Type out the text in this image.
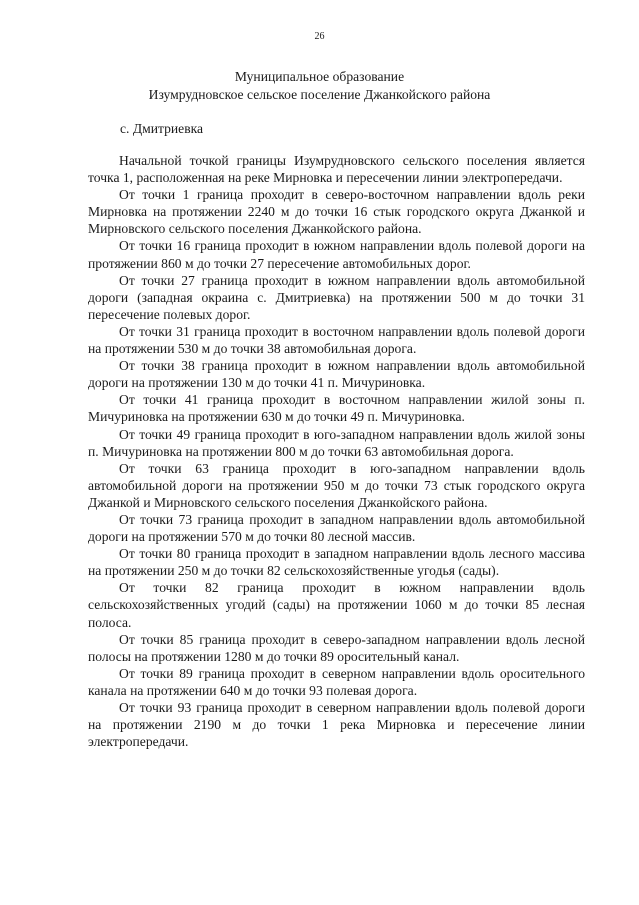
26
Муниципальное образование
Изумрудновское сельское поселение Джанкойского района
с. Дмитриевка

Начальной точкой границы Изумрудновского сельского поселения является точка 1, расположенная на реке Мирновка и пересечении линии электропередачи.

От точки 1 граница проходит в северо-восточном направлении вдоль реки Мирновка на протяжении 2240 м до точки 16 стык городского округа Джанкой и Мирновского сельского поселения Джанкойского района.

От точки 16 граница проходит в южном направлении вдоль полевой дороги на протяжении 860 м до точки 27 пересечение автомобильных дорог.

От точки 27 граница проходит в южном направлении вдоль автомобильной дороги (западная окраина с. Дмитриевка) на протяжении 500 м до точки 31 пересечение полевых дорог.

От точки 31 граница проходит в восточном направлении вдоль полевой дороги на протяжении 530 м до точки 38 автомобильная дорога.

От точки 38 граница проходит в южном направлении вдоль автомобильной дороги на протяжении 130 м до точки 41 п. Мичуриновка.

От точки 41 граница проходит в восточном направлении жилой зоны п. Мичуриновка на протяжении 630 м до точки 49 п. Мичуриновка.

От точки 49 граница проходит в юго-западном направлении вдоль жилой зоны п. Мичуриновка на протяжении 800 м до точки 63 автомобильная дорога.

От точки 63 граница проходит в юго-западном направлении вдоль автомобильной дороги на протяжении 950 м до точки 73 стык городского округа Джанкой и Мирновского сельского поселения Джанкойского района.

От точки 73 граница проходит в западном направлении вдоль автомобильной дороги на протяжении 570 м до точки 80 лесной массив.

От точки 80 граница проходит в западном направлении вдоль лесного массива на протяжении 250 м до точки 82 сельскохозяйственные угодья (сады).

От точки 82 граница проходит в южном направлении вдоль сельскохозяйственных угодий (сады) на протяжении 1060 м до точки 85 лесная полоса.

От точки 85 граница проходит в северо-западном направлении вдоль лесной полосы на протяжении 1280 м до точки 89 оросительный канал.

От точки 89 граница проходит в северном направлении вдоль оросительного канала на протяжении 640 м до точки 93 полевая дорога.

От точки 93 граница проходит в северном направлении вдоль полевой дороги на протяжении 2190 м до точки 1 река Мирновка и пересечение линии электропередачи.
